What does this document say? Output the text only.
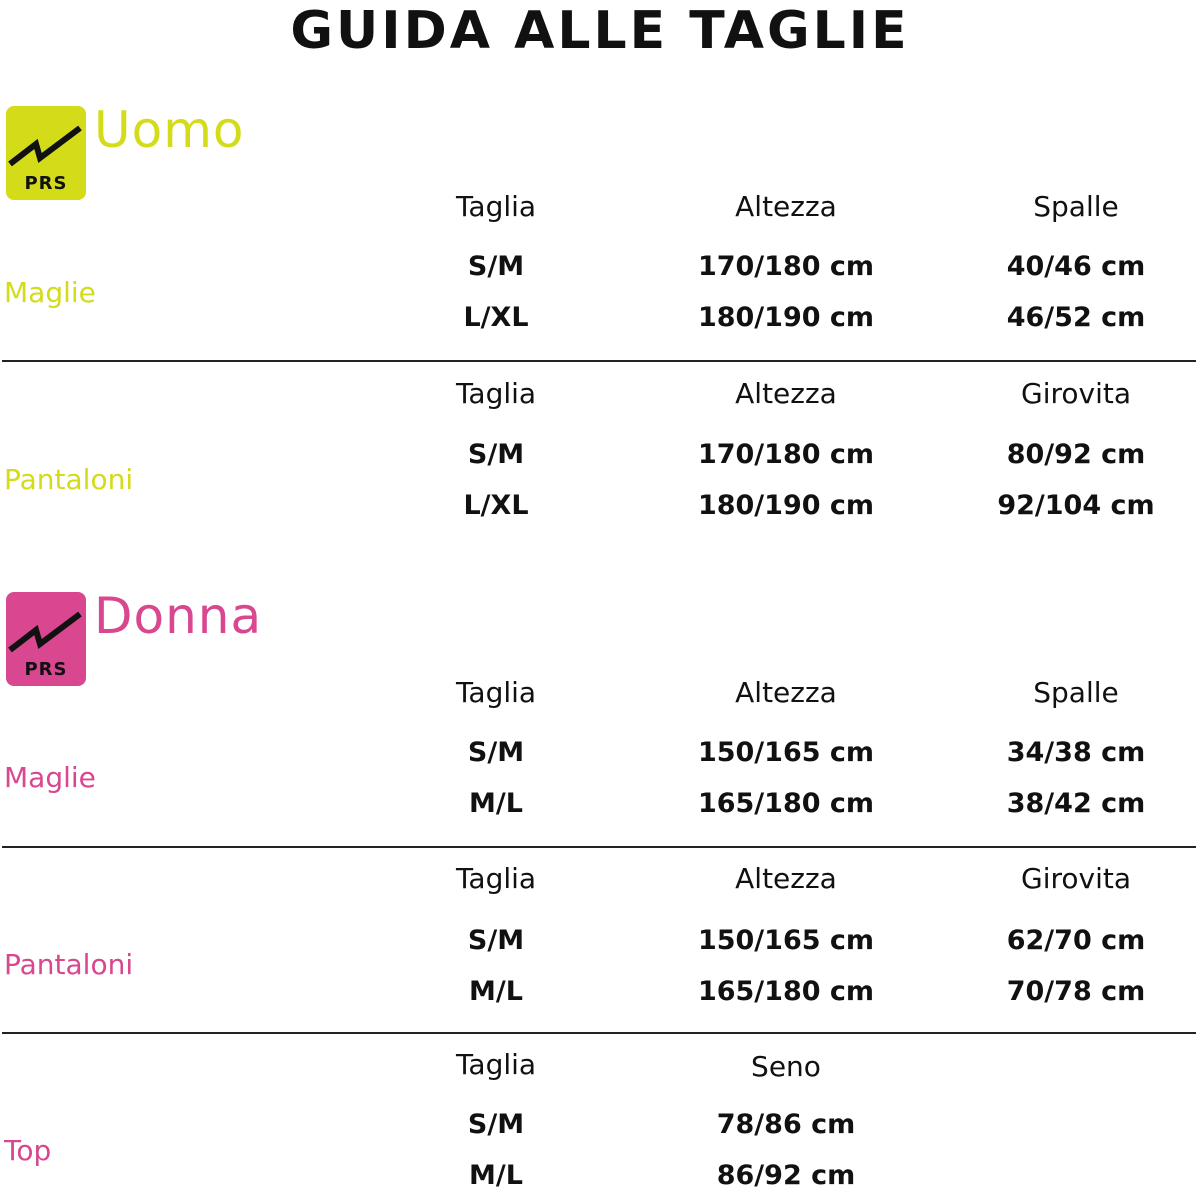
GUIDA ALLE TAGLIE
PRS
Uomo
Maglie
Taglia	Altezza	Spalle
S/M	170/180 cm	40/46 cm
L/XL	180/190 cm	46/52 cm
Pantaloni
Taglia	Altezza	Girovita
S/M	170/180 cm	80/92 cm
L/XL	180/190 cm	92/104 cm
PRS
Donna
Maglie
Taglia	Altezza	Spalle
S/M	150/165 cm	34/38 cm
M/L	165/180 cm	38/42 cm
Pantaloni
Taglia	Altezza	Girovita
S/M	150/165 cm	62/70 cm
M/L	165/180 cm	70/78 cm
Top
Taglia	Seno
S/M	78/86 cm
M/L	86/92 cm
